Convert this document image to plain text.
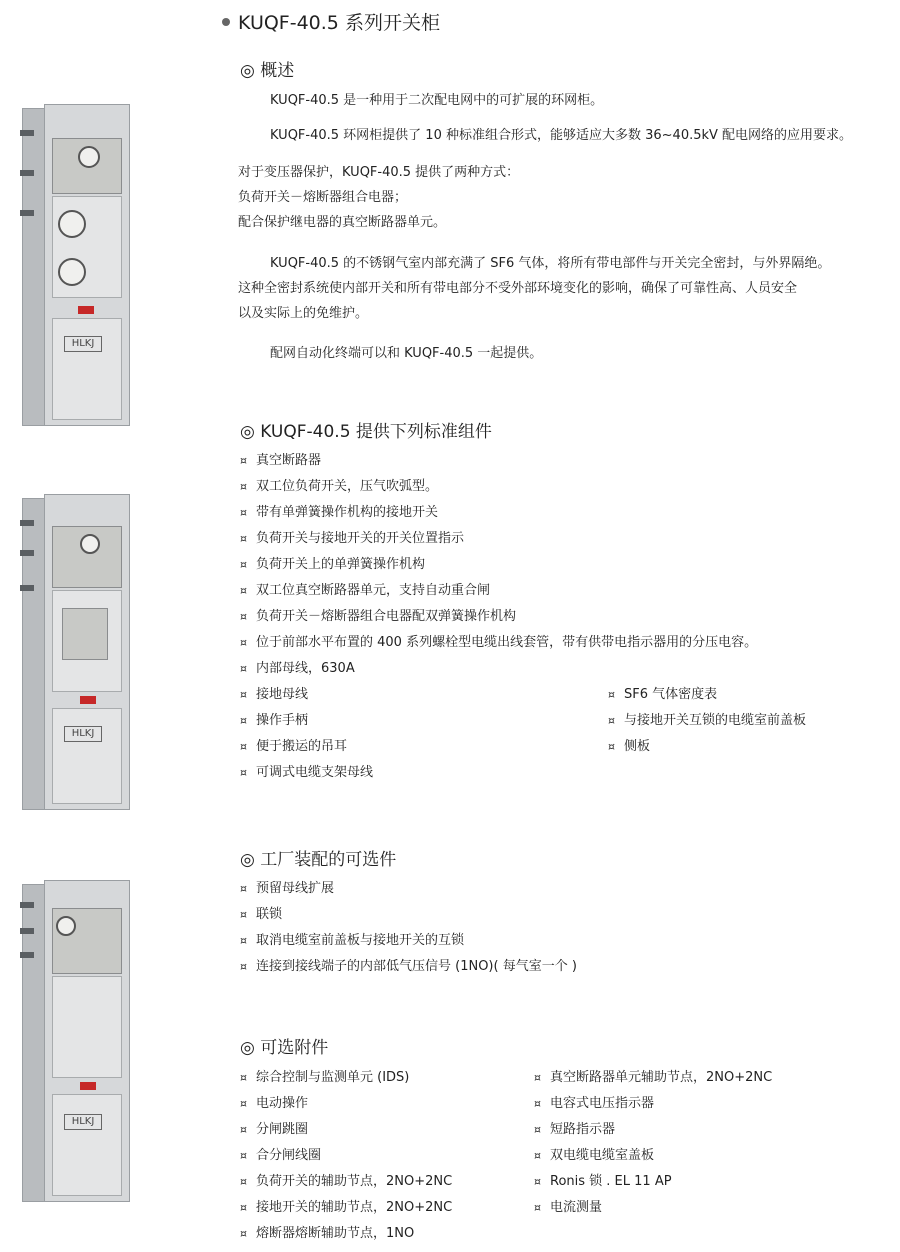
KUQF-40.5 系列开关柜
◎ 概述
KUQF-40.5 是一种用于二次配电网中的可扩展的环网柜。
KUQF-40.5 环网柜提供了 10 种标准组合形式，能够适应大多数 36~40.5kV 配电网络的应用要求。
对于变压器保护，KUQF-40.5 提供了两种方式：
负荷开关－熔断器组合电器；
配合保护继电器的真空断路器单元。
KUQF-40.5 的不锈钢气室内部充满了 SF6 气体，将所有带电部件与开关完全密封，与外界隔绝。
这种全密封系统使内部开关和所有带电部分不受外部环境变化的影响，确保了可靠性高、人员安全
以及实际上的免维护。
配网自动化终端可以和 KUQF-40.5 一起提供。
◎ KUQF-40.5 提供下列标准组件
¤ 真空断路器
¤ 双工位负荷开关，压气吹弧型。
¤ 带有单弹簧操作机构的接地开关
¤ 负荷开关与接地开关的开关位置指示
¤ 负荷开关上的单弹簧操作机构
¤ 双工位真空断路器单元，支持自动重合闸
¤ 负荷开关－熔断器组合电器配双弹簧操作机构
¤ 位于前部水平布置的 400 系列螺栓型电缆出线套管，带有供带电指示器用的分压电容。
¤ 内部母线，630A
¤ 接地母线
¤ 操作手柄
¤ 便于搬运的吊耳
¤ 可调式电缆支架母线
¤ SF6 气体密度表
¤ 与接地开关互锁的电缆室前盖板
¤ 侧板
◎ 工厂装配的可选件
¤ 预留母线扩展
¤ 联锁
¤ 取消电缆室前盖板与接地开关的互锁
¤ 连接到接线端子的内部低气压信号 (1NO)( 每气室一个 )
◎ 可选附件
¤ 综合控制与监测单元 (IDS)
¤ 电动操作
¤ 分闸跳圈
¤ 合分闸线圈
¤ 负荷开关的辅助节点，2NO+2NC
¤ 接地开关的辅助节点，2NO+2NC
¤ 熔断器熔断辅助节点，1NO
¤ 真空断路器单元辅助节点，2NO+2NC
¤ 电容式电压指示器
¤ 短路指示器
¤ 双电缆电缆室盖板
¤ Ronis 锁 . EL 11 AP
¤ 电流测量
HLKJ
HLKJ
HLKJ
